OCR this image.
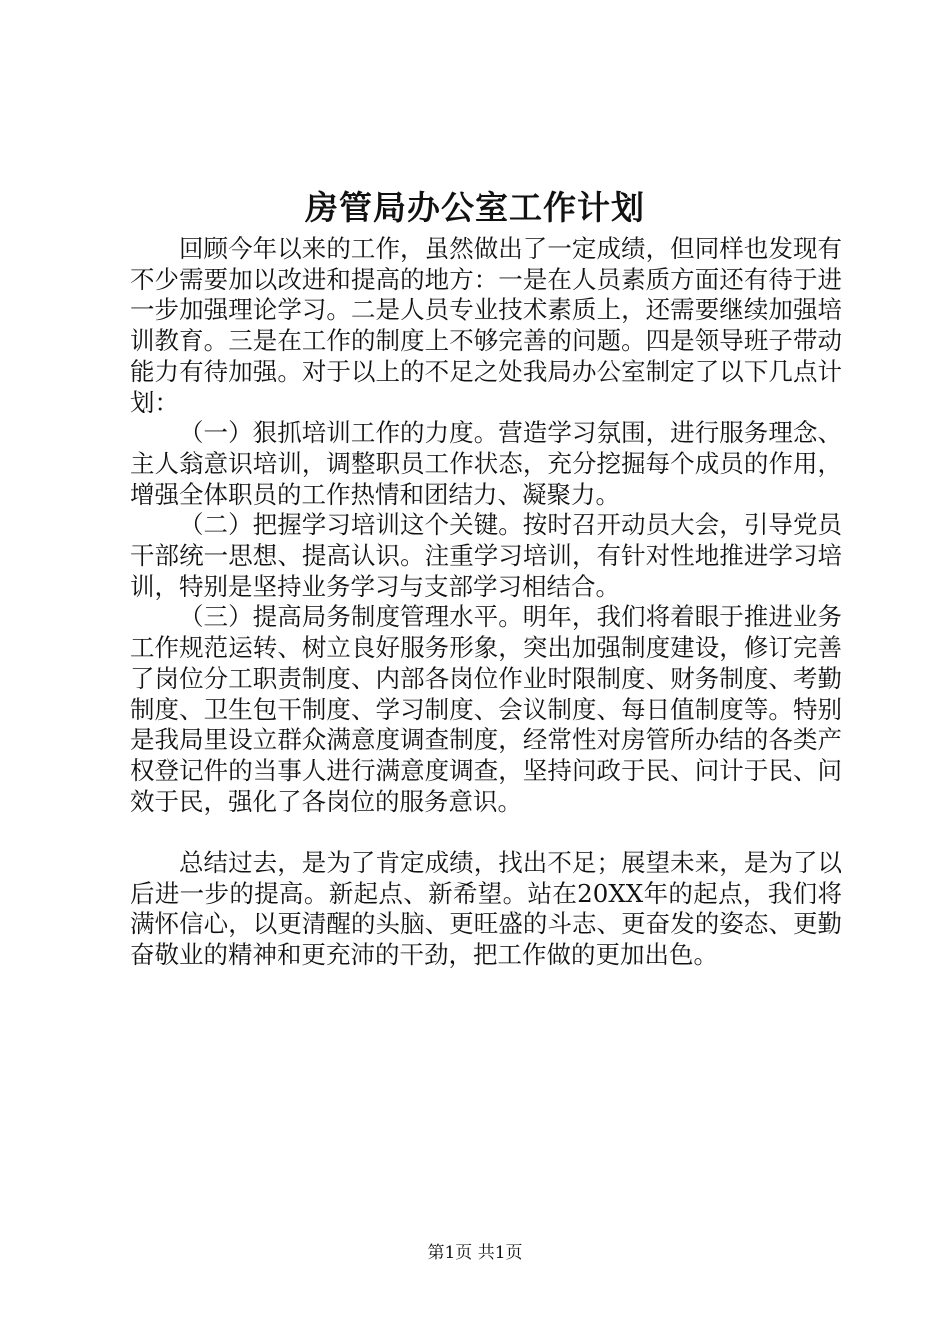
房管局办公室工作计划

回顾今年以来的工作，虽然做出了一定成绩，但同样也发现有不少需要加以改进和提高的地方：一是在人员素质方面还有待于进一步加强理论学习。二是人员专业技术素质上，还需要继续加强培训教育。三是在工作的制度上不够完善的问题。四是领导班子带动能力有待加强。对于以上的不足之处我局办公室制定了以下几点计划：

（一）狠抓培训工作的力度。营造学习氛围，进行服务理念、主人翁意识培训，调整职员工作状态，充分挖掘每个成员的作用，增强全体职员的工作热情和团结力、凝聚力。

（二）把握学习培训这个关键。按时召开动员大会，引导党员干部统一思想、提高认识。注重学习培训，有针对性地推进学习培训，特别是坚持业务学习与支部学习相结合。

（三）提高局务制度管理水平。明年，我们将着眼于推进业务工作规范运转、树立良好服务形象，突出加强制度建设，修订完善了岗位分工职责制度、内部各岗位作业时限制度、财务制度、考勤制度、卫生包干制度、学习制度、会议制度、每日值制度等。特别是我局里设立群众满意度调查制度，经常性对房管所办结的各类产权登记件的当事人进行满意度调查，坚持问政于民、问计于民、问效于民，强化了各岗位的服务意识。

总结过去，是为了肯定成绩，找出不足；展望未来，是为了以后进一步的提高。新起点、新希望。站在20XX年的起点，我们将满怀信心，以更清醒的头脑、更旺盛的斗志、更奋发的姿态、更勤奋敬业的精神和更充沛的干劲，把工作做的更加出色。

第1页 共1页
